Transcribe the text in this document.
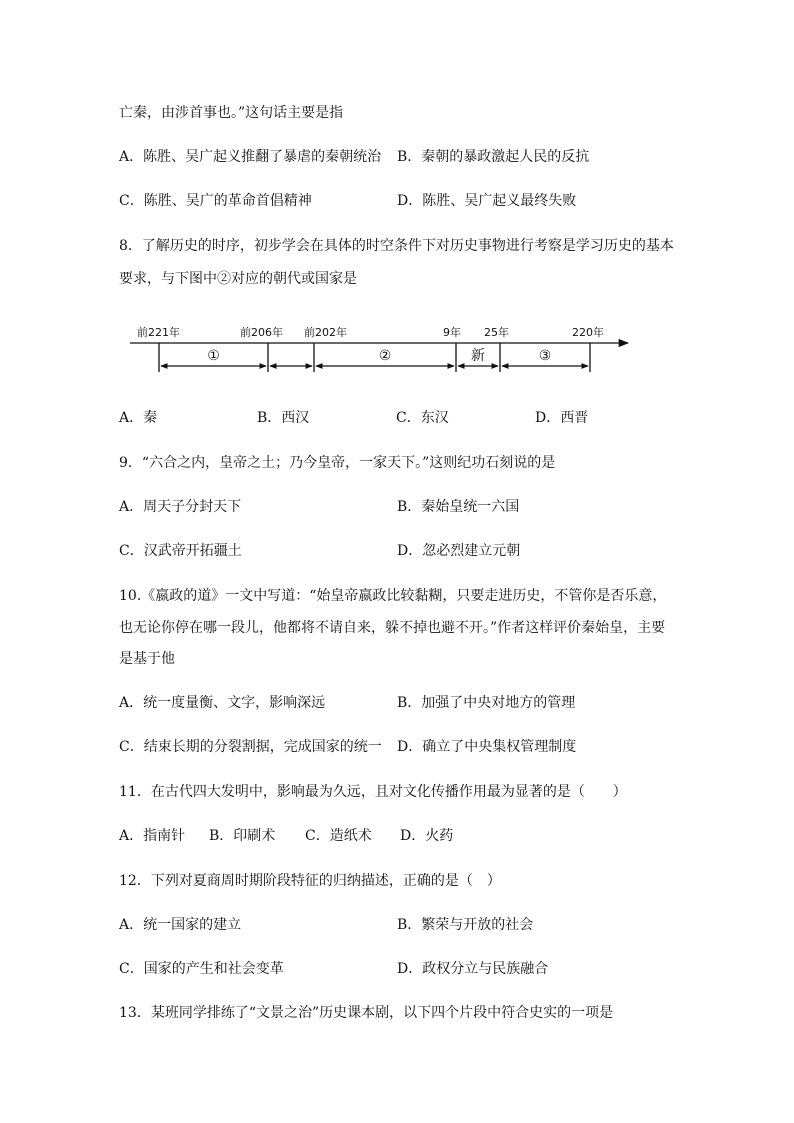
亡秦，由涉首事也。”这句话主要是指
A．陈胜、吴广起义推翻了暴虐的秦朝统治 B．秦朝的暴政激起人民的反抗
C．陈胜、吴广的革命首倡精神	D．陈胜、吴广起义最终失败
8．了解历史的时序，初步学会在具体的时空条件下对历史事物进行考察是学习历史的基本
要求，与下图中②对应的朝代或国家是
前221年	前206年 前202年	9年 25年	220年
①	②	新	③
A．秦	B．西汉	C．东汉	D．西晋
9．“六合之内，皇帝之土；乃今皇帝，一家天下。”这则纪功石刻说的是
A．周天子分封天下	B．秦始皇统一六国
C．汉武帝开拓疆土	D．忽必烈建立元朝
10.《嬴政的道》一文中写道：“始皇帝嬴政比较黏糊，只要走进历史，不管你是否乐意，
也无论你停在哪一段儿，他都将不请自来，躲不掉也避不开。”作者这样评价秦始皇，主要
是基于他
A．统一度量衡、文字，影响深远	B．加强了中央对地方的管理
C．结束长期的分裂割据，完成国家的统一 D．确立了中央集权管理制度
11．在古代四大发明中，影响最为久远，且对文化传播作用最为显著的是（　　）
A．指南针 B．印刷术 C．造纸术 D．火药
12．下列对夏商周时期阶段特征的归纳描述，正确的是（　）
A．统一国家的建立	B．繁荣与开放的社会
C．国家的产生和社会变革	D．政权分立与民族融合
13．某班同学排练了“文景之治”历史课本剧，以下四个片段中符合史实的一项是
